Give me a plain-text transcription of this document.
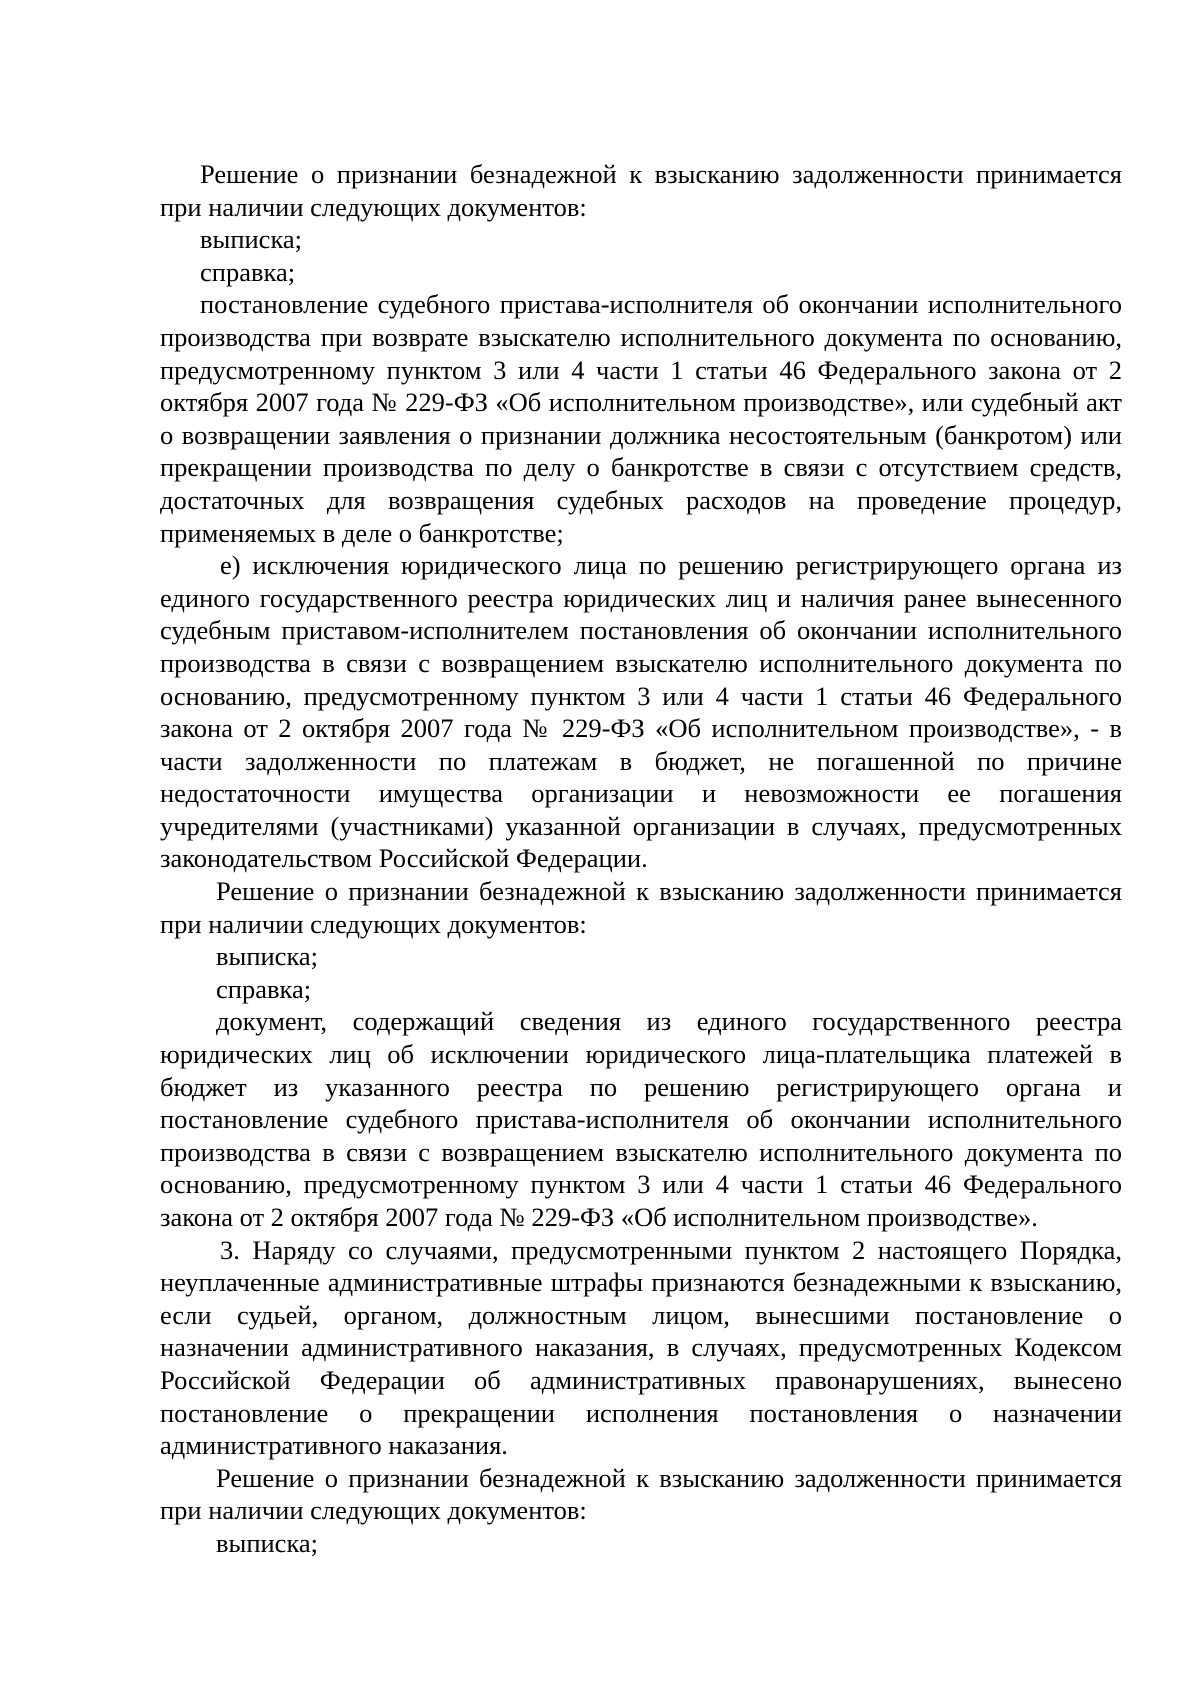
Решение о признании безнадежной к взысканию задолженности принимается при наличии следующих документов:

выписка;

справка;

постановление судебного пристава-исполнителя об окончании исполнительного производства при возврате взыскателю исполнительного документа по основанию, предусмотренному пунктом 3 или 4 части 1 статьи 46 Федерального закона от 2 октября 2007 года № 229-ФЗ «Об исполнительном производстве», или судебный акт о возвращении заявления о признании должника несостоятельным (банкротом) или прекращении производства по делу о банкротстве в связи с отсутствием средств, достаточных для возвращения судебных расходов на проведение процедур, применяемых в деле о банкротстве;

е) исключения юридического лица по решению регистрирующего органа из единого государственного реестра юридических лиц и наличия ранее вынесенного судебным приставом-исполнителем постановления об окончании исполнительного производства в связи с возвращением взыскателю исполнительного документа по основанию, предусмотренному пунктом 3 или 4 части 1 статьи 46 Федерального закона от 2 октября 2007 года № 229-ФЗ «Об исполнительном производстве», - в части задолженности по платежам в бюджет, не погашенной по причине недостаточности имущества организации и невозможности ее погашения учредителями (участниками) указанной организации в случаях, предусмотренных законодательством Российской Федерации.

Решение о признании безнадежной к взысканию задолженности принимается при наличии следующих документов:

выписка;

справка;

документ, содержащий сведения из единого государственного реестра юридических лиц об исключении юридического лица-плательщика платежей в бюджет из указанного реестра по решению регистрирующего органа и постановление судебного пристава-исполнителя об окончании исполнительного производства в связи с возвращением взыскателю исполнительного документа по основанию, предусмотренному пунктом 3 или 4 части 1 статьи 46 Федерального закона от 2 октября 2007 года № 229-ФЗ «Об исполнительном производстве».

3. Наряду со случаями, предусмотренными пунктом 2 настоящего Порядка, неуплаченные административные штрафы признаются безнадежными к взысканию, если судьей, органом, должностным лицом, вынесшими постановление о назначении административного наказания, в случаях, предусмотренных Кодексом Российской Федерации об административных правонарушениях, вынесено постановление о прекращении исполнения постановления о назначении административного наказания.

Решение о признании безнадежной к взысканию задолженности принимается при наличии следующих документов:

выписка;
